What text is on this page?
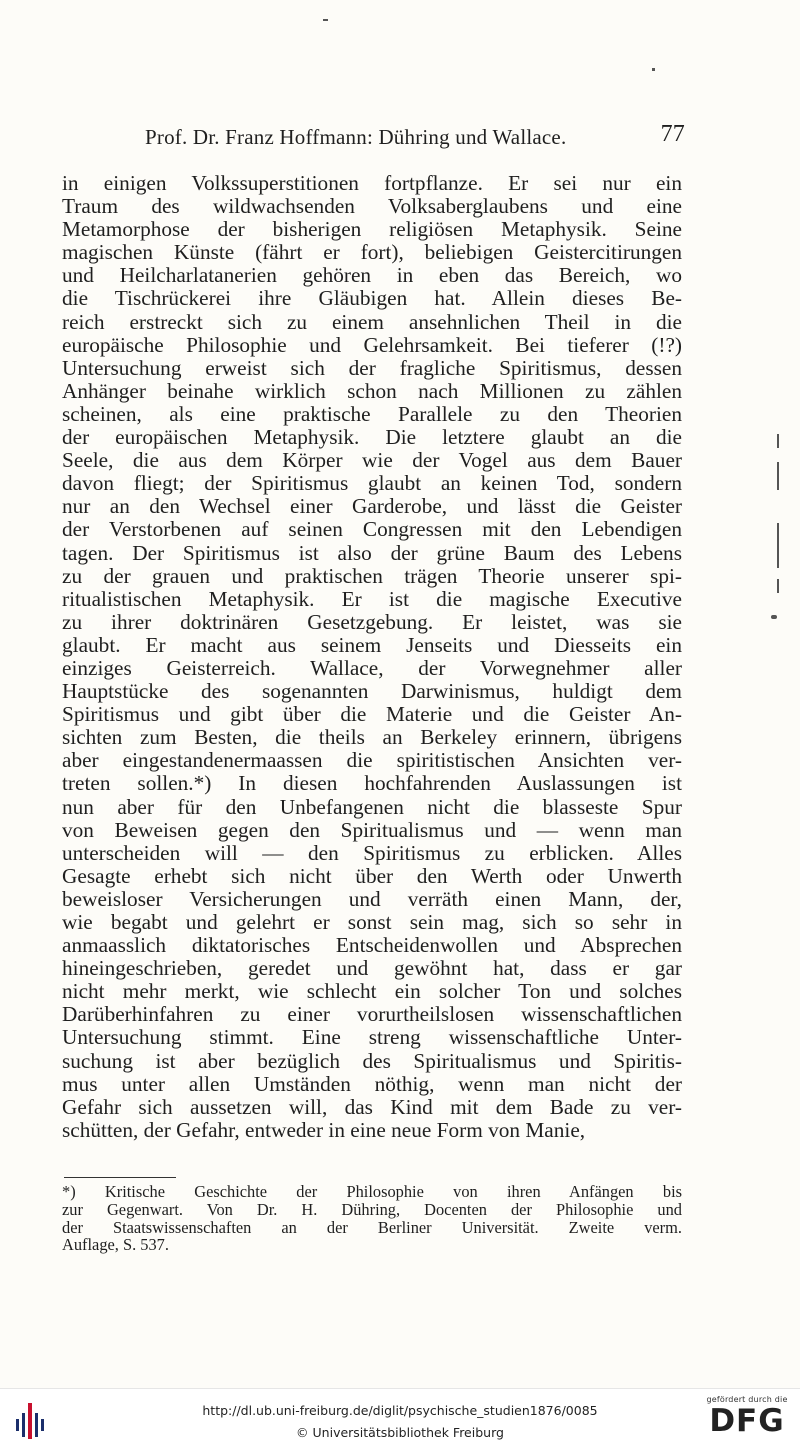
Prof. Dr. Franz Hoffmann: Dühring und Wallace.	77
in einigen Volkssuperstitionen fortpflanze. Er sei nur ein
Traum des wildwachsenden Volksaberglaubens und eine
Metamorphose der bisherigen religiösen Metaphysik. Seine
magischen Künste (fährt er fort), beliebigen Geistercitirungen
und Heilcharlatanerien gehören in eben das Bereich, wo
die Tischrückerei ihre Gläubigen hat. Allein dieses Be-
reich erstreckt sich zu einem ansehnlichen Theil in die
europäische Philosophie und Gelehrsamkeit. Bei tieferer (!?)
Untersuchung erweist sich der fragliche Spiritismus, dessen
Anhänger beinahe wirklich schon nach Millionen zu zählen
scheinen, als eine praktische Parallele zu den Theorien
der europäischen Metaphysik. Die letztere glaubt an die
Seele, die aus dem Körper wie der Vogel aus dem Bauer
davon fliegt; der Spiritismus glaubt an keinen Tod, sondern
nur an den Wechsel einer Garderobe, und lässt die Geister
der Verstorbenen auf seinen Congressen mit den Lebendigen
tagen. Der Spiritismus ist also der grüne Baum des Lebens
zu der grauen und praktischen trägen Theorie unserer spi-
ritualistischen Metaphysik. Er ist die magische Executive
zu ihrer doktrinären Gesetzgebung. Er leistet, was sie
glaubt. Er macht aus seinem Jenseits und Diesseits ein
einziges Geisterreich. Wallace, der Vorwegnehmer aller
Hauptstücke des sogenannten Darwinismus, huldigt dem
Spiritismus und gibt über die Materie und die Geister An-
sichten zum Besten, die theils an Berkeley erinnern, übrigens
aber eingestandenermaassen die spiritistischen Ansichten ver-
treten sollen.*) In diesen hochfahrenden Auslassungen ist
nun aber für den Unbefangenen nicht die blasseste Spur
von Beweisen gegen den Spiritualismus und — wenn man
unterscheiden will — den Spiritismus zu erblicken. Alles
Gesagte erhebt sich nicht über den Werth oder Unwerth
beweisloser Versicherungen und verräth einen Mann, der,
wie begabt und gelehrt er sonst sein mag, sich so sehr in
anmaasslich diktatorisches Entscheidenwollen und Absprechen
hineingeschrieben, geredet und gewöhnt hat, dass er gar
nicht mehr merkt, wie schlecht ein solcher Ton und solches
Darüberhinfahren zu einer vorurtheilslosen wissenschaftlichen
Untersuchung stimmt. Eine streng wissenschaftliche Unter-
suchung ist aber bezüglich des Spiritualismus und Spiritis-
mus unter allen Umständen nöthig, wenn man nicht der
Gefahr sich aussetzen will, das Kind mit dem Bade zu ver-
schütten, der Gefahr, entweder in eine neue Form von Manie,
*) Kritische Geschichte der Philosophie von ihren Anfängen bis
zur Gegenwart. Von Dr. H. Dühring, Docenten der Philosophie und
der Staatswissenschaften an der Berliner Universität. Zweite verm.
Auflage, S. 537.
http://dl.ub.uni-freiburg.de/diglit/psychische_studien1876/0085
© Universitätsbibliothek Freiburg
gefördert durch die
DFG
